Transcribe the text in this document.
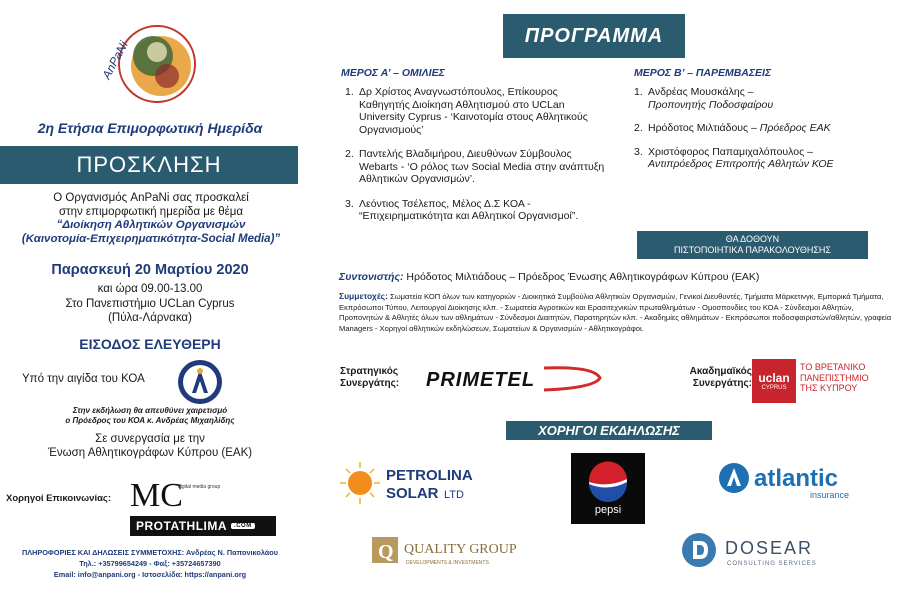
AnPaNi
2η Ετήσια Επιμορφωτική Ημερίδα
ΠΡΟΣΚΛΗΣΗ
Ο Οργανισμός AnPaNi σας προσκαλεί
στην επιμορφωτική ημερίδα με θέμα
“Διοίκηση Αθλητικών Οργανισμών
(Καινοτομία-Επιχειρηματικότητα-Social Media)”
Παρασκευή 20 Μαρτίου 2020
και ώρα 09.00-13.00
Στο Πανεπιστήμιο UCLan Cyprus
(Πύλα-Λάρνακα)
ΕΙΣΟΔΟΣ ΕΛΕΥΘΕΡΗ
Υπό την αιγίδα του ΚΟΑ
Στην εκδήλωση θα απευθύνει χαιρετισμό
ο Πρόεδρος του ΚΟΑ κ. Ανδρέας Μιχαηλίδης
Σε συνεργασία με την
Ένωση Αθλητικογράφων Κύπρου (ΕΑΚ)
Χορηγοί Επικοινωνίας: MC
digital media group
PROTATHLIMA	.COM
ΠΛΗΡΟΦΟΡΙΕΣ ΚΑΙ ΔΗΛΩΣΕΙΣ ΣΥΜΜΕΤΟΧΗΣ: Ανδρέας Ν. Παπονικολάου
Τηλ.: +35799654249 - Φαξ: +35724657390
Email: info@anpani.org - Ιστοσελίδα: https://anpani.org
ΠΡΟΓΡΑΜΜΑ
ΜΕΡΟΣ Α’ – ΟΜΙΛΙΕΣ
1. Δρ Χρίστος Αναγνωστόπουλος, Επίκουρος Καθηγητής Διοίκηση Αθλητισμού στο UCLan University Cyprus - ‘Καινοτομία στους Αθλητικούς Οργανισμούς’
2. Παντελής Βλαδιμήρου, Διευθύνων Σύμβουλος Webarts - ‘Ο ρόλος των Social Media στην ανάπτυξη Αθλητικών Οργανισμών’.
3. Λεόντιος Τσέλεπος, Μέλος Δ.Σ ΚΟΑ - “Επιχειρηματικότητα και Αθλητικοί Οργανισμοί”.
ΜΕΡΟΣ Β’ – ΠΑΡΕΜΒΑΣΕΙΣ
1. Ανδρέας Μουσκάλης –
Προπονητής Ποδοσφαίρου
2. Ηρόδοτος Μιλτιάδους – Πρόεδρος ΕΑΚ
3. Χριστόφορος Παπαμιχαλόπουλος –
Αντιπρόεδρος Επιτροπής Αθλητών ΚΟΕ
ΘΑ ΔΟΘΟΥΝ
ΠΙΣΤΟΠΟΙΗΤΙΚΑ ΠΑΡΑΚΟΛΟΥΘΗΣΗΣ
Συντονιστής: Ηρόδοτος Μιλτιάδους – Πρόεδρος Ένωσης Αθλητικογράφων Κύπρου (ΕΑΚ)
Συμμετοχές: Σωματεία ΚΟΠ όλων των κατηγοριών - Διοικητικά Συμβούλια Αθλητικών Οργανισμών, Γενικοί Διευθυντές, Τμήματα Μάρκετινγκ, Εμπορικά Τμήματα, Εκπρόσωποι Τύπου, Λειτουργοί Διοίκησης κλπ. - Σωματεία Αγροτικών και Ερασιτεχνικών πρωταθλημάτων - Ομοσπονδίες του ΚΟΑ - Σύνδεσμοι Αθλητών, Προπονητών & Αθλητές όλων των αθλημάτων - Σύνδεσμοι Διαιτητών, Παρατηρητών κλπ. - Ακαδημίες αθλημάτων - Εκπρόσωποι ποδοσφαιριστών/αθλητών, γραφεία Managers - Χορηγοί αθλητικών εκδηλώσεων, Σωματείων & Οργανισμών - Αθλητικογράφοι.
Στρατηγικός
Συνεργάτης: PRIMETEL	Ακαδημαϊκός
Συνεργάτης: uclan
CYPRUS
ΤΟ ΒΡΕΤΑΝΙΚΟ
ΠΑΝΕΠΙΣΤΗΜΙΟ
ΤΗΣ ΚΥΠΡΟΥ
ΧΟΡΗΓΟΙ ΕΚΔΗΛΩΣΗΣ
PETROLINA
SOLAR LTD
pepsi
atlantic
insurance
Q QUALITY GROUP
DEVELOPMENTS & INVESTMENTS
DOSEAR
CONSULTING SERVICES
